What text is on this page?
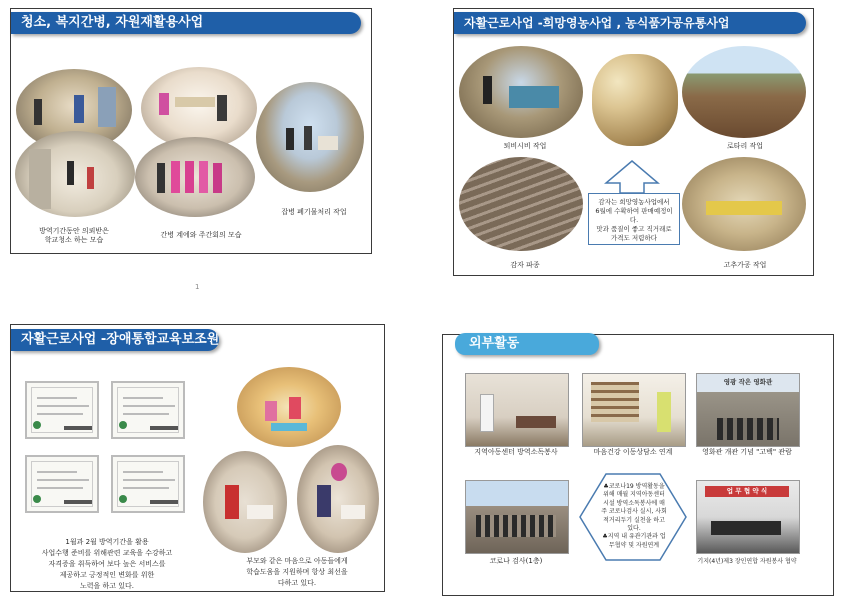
청소, 복지간병, 자원재활용사업
방역기간동안 의뢰받은
학교청소 하는 모습
간병 계에와 주간회의 모습
잡병 폐기물처리 작업
1
자활근로사업 -희망영농사업 , 농식품가공유통사업
퇴비시비 작업	로타리 작업
감자는 희망영농사업에서
6월에 수확하여 판매예정이다.
맛과 품질이 좋고 직거래로
가격도 저렴하다
감자 파종	고추가공 작업
자활근로사업 -장애통합교육보조원
1월과 2월 방역기간을 활용
사업수행 준비를 위해관련 교육을 수강하고
자격증을 취득하여 보다 높은 서비스를
제공하고 긍정적인 변화를 위한
노력을 하고 있다.
부모와 같은 마음으로 아동들에게
학습도움을 지원하며 항상 최선을
다하고 있다.
외부활동
영광 작은 영화관
지역아동센터 방역소독봉사	마음건강 이동상담소 연계	영화관 개관 기념 "고백" 관람
♣코로나19 방역활동을
위해 매월 지역아동센터
시설 방역소독봉사에 매
주 코로나검사 실시, 사회
적거리두기 실천을 하고
있다.
♣지역 내 유관기관과 업
무협약 및 자원연계
업 무 협 약 식
코로나 검사(1층)	기지(4년)제3 장인연합 자원봉사 협약
